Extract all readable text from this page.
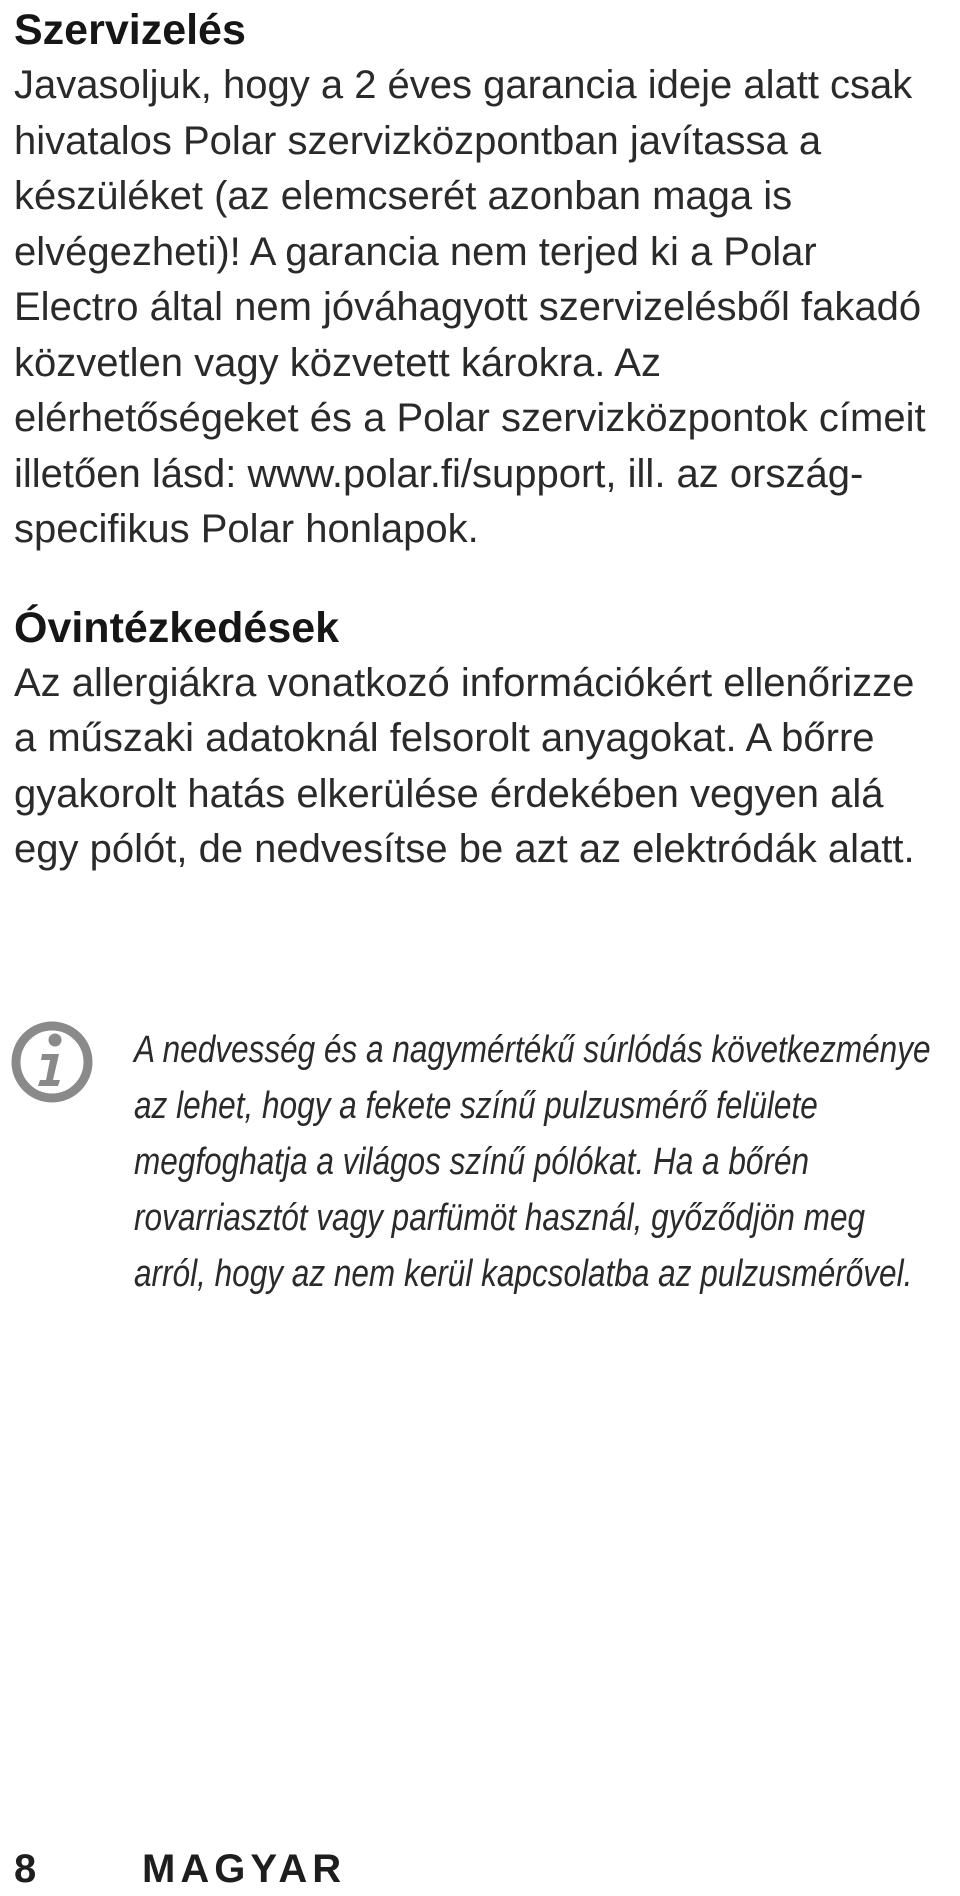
Szervizelés

Javasoljuk, hogy a 2 éves garancia ideje alatt csak hivatalos Polar szervizközpontban javítassa a készüléket (az elemcserét azonban maga is elvégezheti)! A garancia nem terjed ki a Polar Electro által nem jóváhagyott szervizelésből fakadó közvetlen vagy közvetett károkra. Az elérhetőségeket és a Polar szervizközpontok címeit illetően lásd: www.polar.fi/support, ill. az ország-specifikus Polar honlapok.

Óvintézkedések

Az allergiákra vonatkozó információkért ellenőrizze a műszaki adatoknál felsorolt anyagokat. A bőrre gyakorolt hatás elkerülése érdekében vegyen alá egy pólót, de nedvesítse be azt az elektródák alatt.

A nedvesség és a nagymértékű súrlódás következménye az lehet, hogy a fekete színű pulzusmérő felülete megfoghatja a világos színű pólókat. Ha a bőrén rovarriasztót vagy parfümöt használ, győződjön meg arról, hogy az nem kerül kapcsolatba az pulzusmérővel.

8	MAGYAR
